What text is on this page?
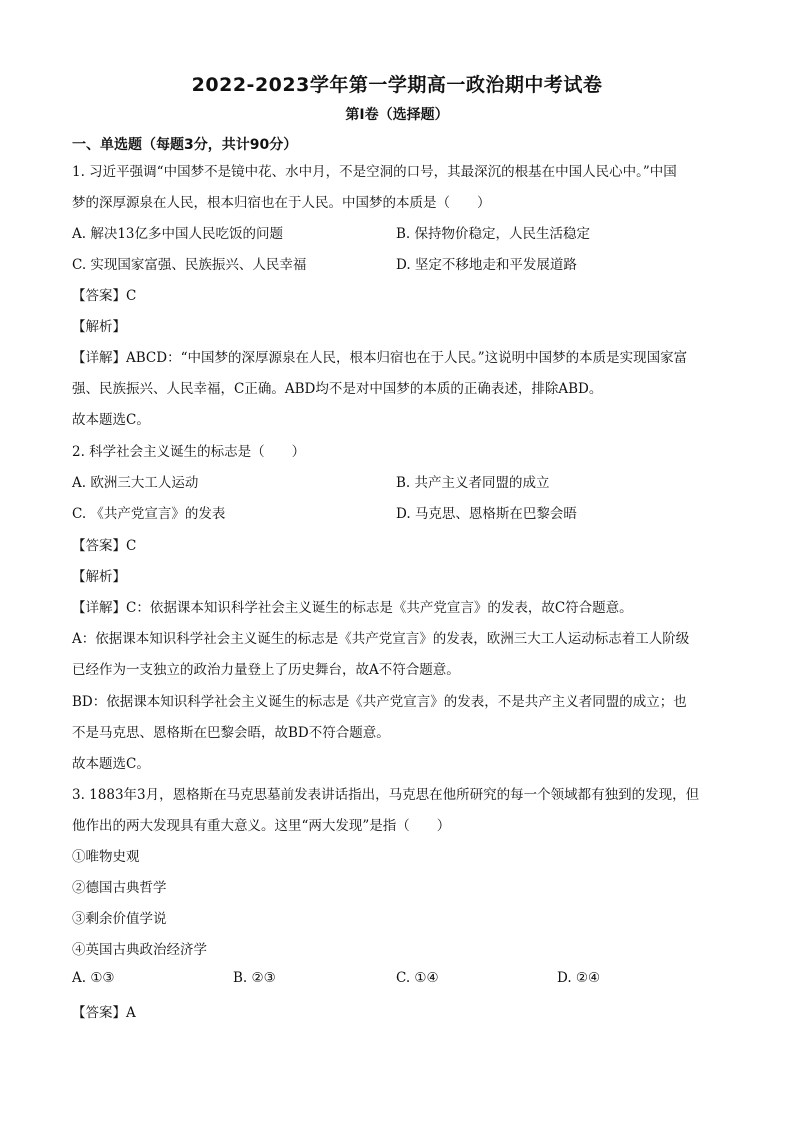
2022-2023学年第一学期高一政治期中考试卷
第Ⅰ卷（选择题）
一、单选题（每题3分，共计90分）
1. 习近平强调“中国梦不是镜中花、水中月，不是空洞的口号，其最深沉的根基在中国人民心中。”中国
梦的深厚源泉在人民，根本归宿也在于人民。中国梦的本质是（　　）
A. 解决13亿多中国人民吃饭的问题	B. 保持物价稳定，人民生活稳定
C. 实现国家富强、民族振兴、人民幸福	D. 坚定不移地走和平发展道路
【答案】C
【解析】
【详解】ABCD：“中国梦的深厚源泉在人民，根本归宿也在于人民。”这说明中国梦的本质是实现国家富
强、民族振兴、人民幸福，C正确。ABD均不是对中国梦的本质的正确表述，排除ABD。
故本题选C。
2. 科学社会主义诞生的标志是（　　）
A. 欧洲三大工人运动	B. 共产主义者同盟的成立
C. 《共产党宣言》的发表	D. 马克思、恩格斯在巴黎会晤
【答案】C
【解析】
【详解】C：依据课本知识科学社会主义诞生的标志是《共产党宣言》的发表，故C符合题意。
A：依据课本知识科学社会主义诞生的标志是《共产党宣言》的发表，欧洲三大工人运动标志着工人阶级
已经作为一支独立的政治力量登上了历史舞台，故A不符合题意。
BD：依据课本知识科学社会主义诞生的标志是《共产党宣言》的发表，不是共产主义者同盟的成立；也
不是马克思、恩格斯在巴黎会晤，故BD不符合题意。
故本题选C。
3. 1883年3月，恩格斯在马克思墓前发表讲话指出，马克思在他所研究的每一个领域都有独到的发现，但
他作出的两大发现具有重大意义。这里“两大发现”是指（　　）
①唯物史观
②德国古典哲学
③剩余价值学说
④英国古典政治经济学
A. ①③	B. ②③	C. ①④	D. ②④
【答案】A
